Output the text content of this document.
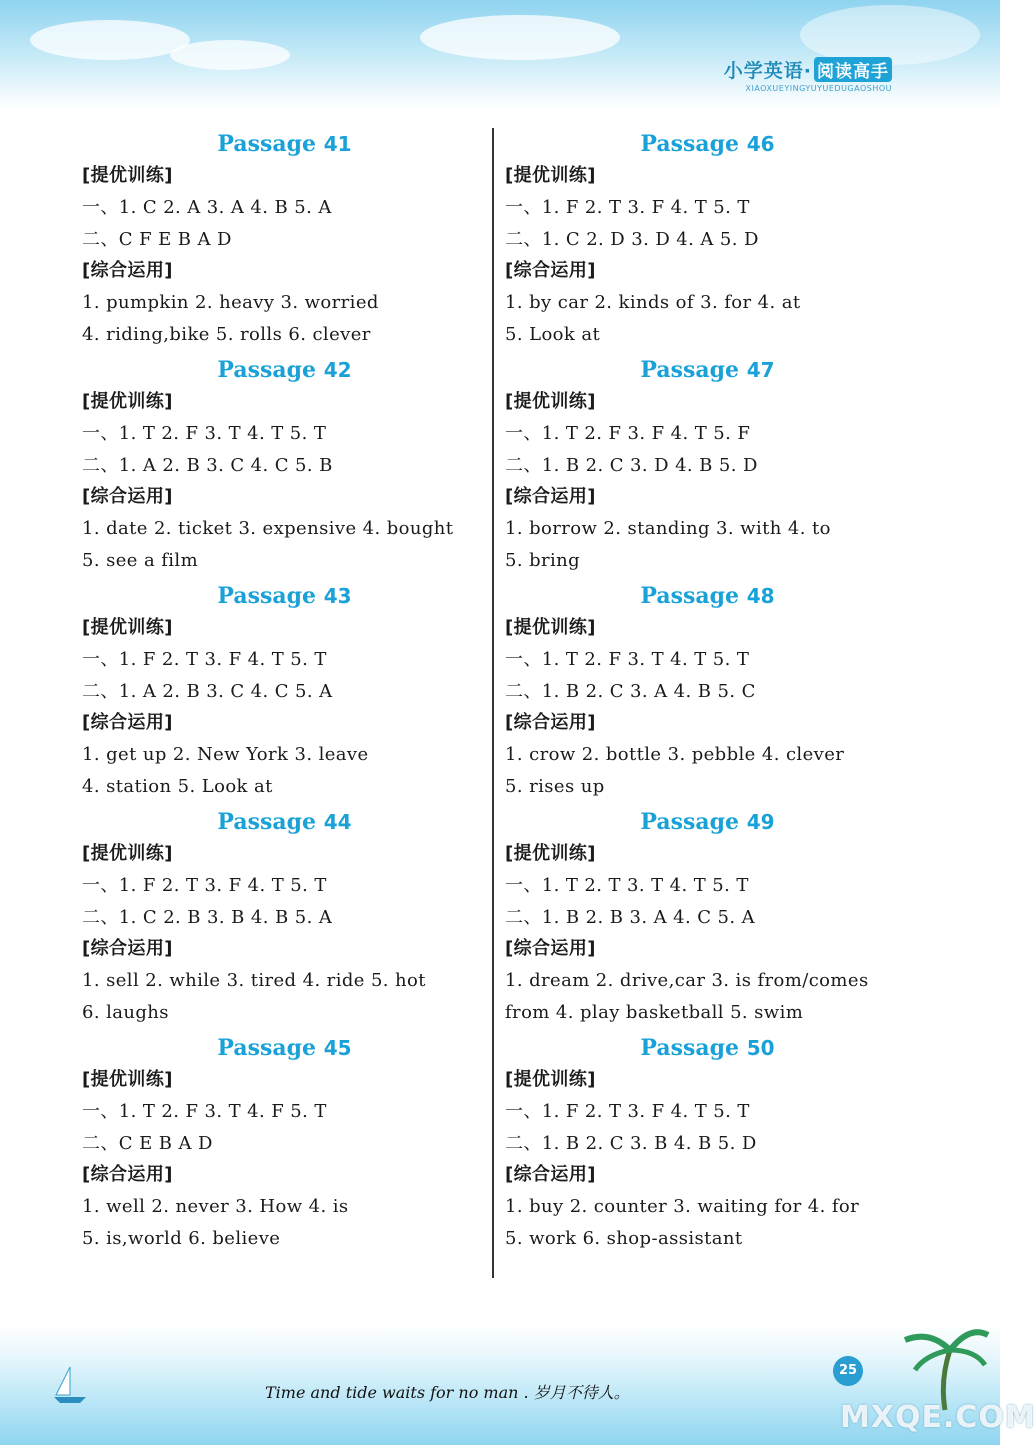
小学英语· 阅读高手
XIAOXUEYINGYUYUEDUGAOSHOU
Passage 41
[提优训练]
一、1. C 2. A 3. A 4. B 5. A
二、C F E B A D
[综合运用]
1. pumpkin 2. heavy 3. worried
4. riding,bike 5. rolls 6. clever
Passage 42
[提优训练]
一、1. T 2. F 3. T 4. T 5. T
二、1. A 2. B 3. C 4. C 5. B
[综合运用]
1. date 2. ticket 3. expensive 4. bought
5. see a film
Passage 43
[提优训练]
一、1. F 2. T 3. F 4. T 5. T
二、1. A 2. B 3. C 4. C 5. A
[综合运用]
1. get up 2. New York 3. leave
4. station 5. Look at
Passage 44
[提优训练]
一、1. F 2. T 3. F 4. T 5. T
二、1. C 2. B 3. B 4. B 5. A
[综合运用]
1. sell 2. while 3. tired 4. ride 5. hot
6. laughs
Passage 45
[提优训练]
一、1. T 2. F 3. T 4. F 5. T
二、C E B A D
[综合运用]
1. well 2. never 3. How 4. is
5. is,world 6. believe
Passage 46
[提优训练]
一、1. F 2. T 3. F 4. T 5. T
二、1. C 2. D 3. D 4. A 5. D
[综合运用]
1. by car 2. kinds of 3. for 4. at
5. Look at
Passage 47
[提优训练]
一、1. T 2. F 3. F 4. T 5. F
二、1. B 2. C 3. D 4. B 5. D
[综合运用]
1. borrow 2. standing 3. with 4. to
5. bring
Passage 48
[提优训练]
一、1. T 2. F 3. T 4. T 5. T
二、1. B 2. C 3. A 4. B 5. C
[综合运用]
1. crow 2. bottle 3. pebble 4. clever
5. rises up
Passage 49
[提优训练]
一、1. T 2. T 3. T 4. T 5. T
二、1. B 2. B 3. A 4. C 5. A
[综合运用]
1. dream 2. drive,car 3. is from/comes
from 4. play basketball 5. swim
Passage 50
[提优训练]
一、1. F 2. T 3. F 4. T 5. T
二、1. B 2. C 3. B 4. B 5. D
[综合运用]
1. buy 2. counter 3. waiting for 4. for
5. work 6. shop-assistant
25
Time and tide waits for no man . 岁月不待人。
MXQE.COM
